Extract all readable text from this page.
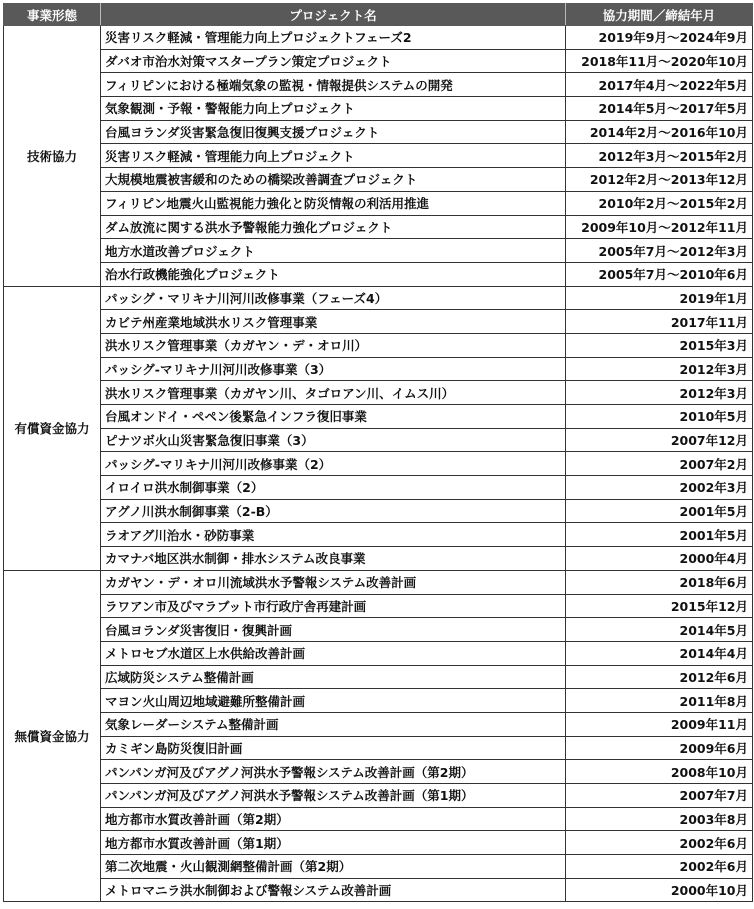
事業形態	プロジェクト名	協力期間／締結年月
技術協力	災害リスク軽減・管理能力向上プロジェクトフェーズ2	2019年9月～2024年9月
	ダバオ市治水対策マスタープラン策定プロジェクト	2018年11月～2020年10月
	フィリピンにおける極端気象の監視・情報提供システムの開発	2017年4月～2022年5月
	気象観測・予報・警報能力向上プロジェクト	2014年5月～2017年5月
	台風ヨランダ災害緊急復旧復興支援プロジェクト	2014年2月～2016年10月
	災害リスク軽減・管理能力向上プロジェクト	2012年3月～2015年2月
	大規模地震被害緩和のための橋梁改善調査プロジェクト	2012年2月～2013年12月
	フィリピン地震火山監視能力強化と防災情報の利活用推進	2010年2月～2015年2月
	ダム放流に関する洪水予警報能力強化プロジェクト	2009年10月～2012年11月
	地方水道改善プロジェクト	2005年7月～2012年3月
	治水行政機能強化プロジェクト	2005年7月～2010年6月
有償資金協力	パッシグ・マリキナ川河川改修事業（フェーズ4）	2019年1月
	カビテ州産業地域洪水リスク管理事業	2017年11月
	洪水リスク管理事業（カガヤン・デ・オロ川）	2015年3月
	パッシグ-マリキナ川河川改修事業（3）	2012年3月
	洪水リスク管理事業（カガヤン川、タゴロアン川、イムス川）	2012年3月
	台風オンドイ・ペペン後緊急インフラ復旧事業	2010年5月
	ピナツボ火山災害緊急復旧事業（3）	2007年12月
	パッシグ-マリキナ川河川改修事業（2）	2007年2月
	イロイロ洪水制御事業（2）	2002年3月
	アグノ川洪水制御事業（2-B）	2001年5月
	ラオアグ川治水・砂防事業	2001年5月
	カマナバ地区洪水制御・排水システム改良事業	2000年4月
無償資金協力	カガヤン・デ・オロ川流域洪水予警報システム改善計画	2018年6月
	ラワアン市及びマラブット市行政庁舎再建計画	2015年12月
	台風ヨランダ災害復旧・復興計画	2014年5月
	メトロセブ水道区上水供給改善計画	2014年4月
	広域防災システム整備計画	2012年6月
	マヨン火山周辺地域避難所整備計画	2011年8月
	気象レーダーシステム整備計画	2009年11月
	カミギン島防災復旧計画	2009年6月
	パンパンガ河及びアグノ河洪水予警報システム改善計画（第2期）	2008年10月
	パンパンガ河及びアグノ河洪水予警報システム改善計画（第1期）	2007年7月
	地方都市水質改善計画（第2期）	2003年8月
	地方都市水質改善計画（第1期）	2002年6月
	第二次地震・火山観測網整備計画（第2期）	2002年6月
	メトロマニラ洪水制御および警報システム改善計画	2000年10月
